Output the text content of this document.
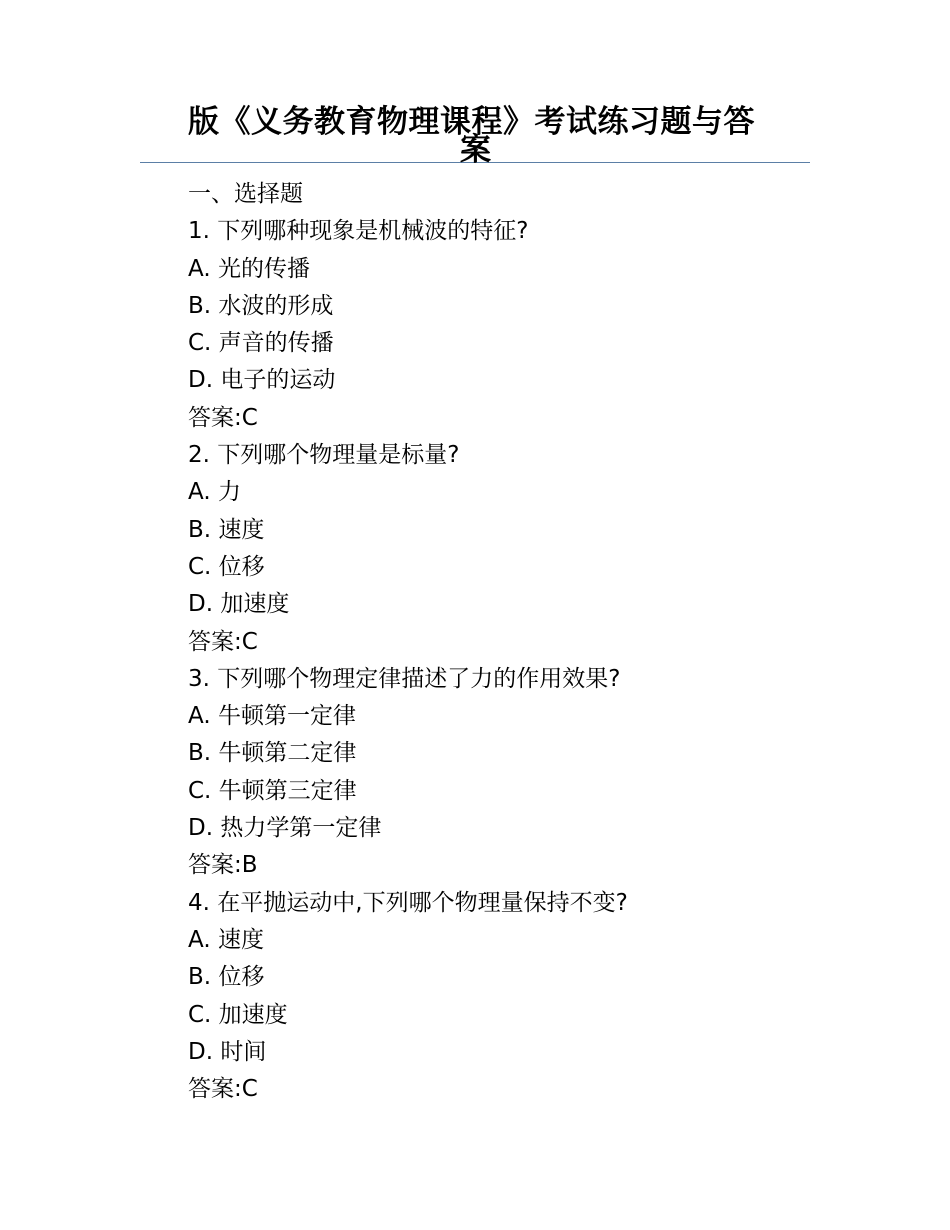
版《义务教育物理课程》考试练习题与答
案
一、选择题
1. 下列哪种现象是机械波的特征?
A. 光的传播
B. 水波的形成
C. 声音的传播
D. 电子的运动
答案:C
2. 下列哪个物理量是标量?
A. 力
B. 速度
C. 位移
D. 加速度
答案:C
3. 下列哪个物理定律描述了力的作用效果?
A. 牛顿第一定律
B. 牛顿第二定律
C. 牛顿第三定律
D. 热力学第一定律
答案:B
4. 在平抛运动中,下列哪个物理量保持不变?
A. 速度
B. 位移
C. 加速度
D. 时间
答案:C
